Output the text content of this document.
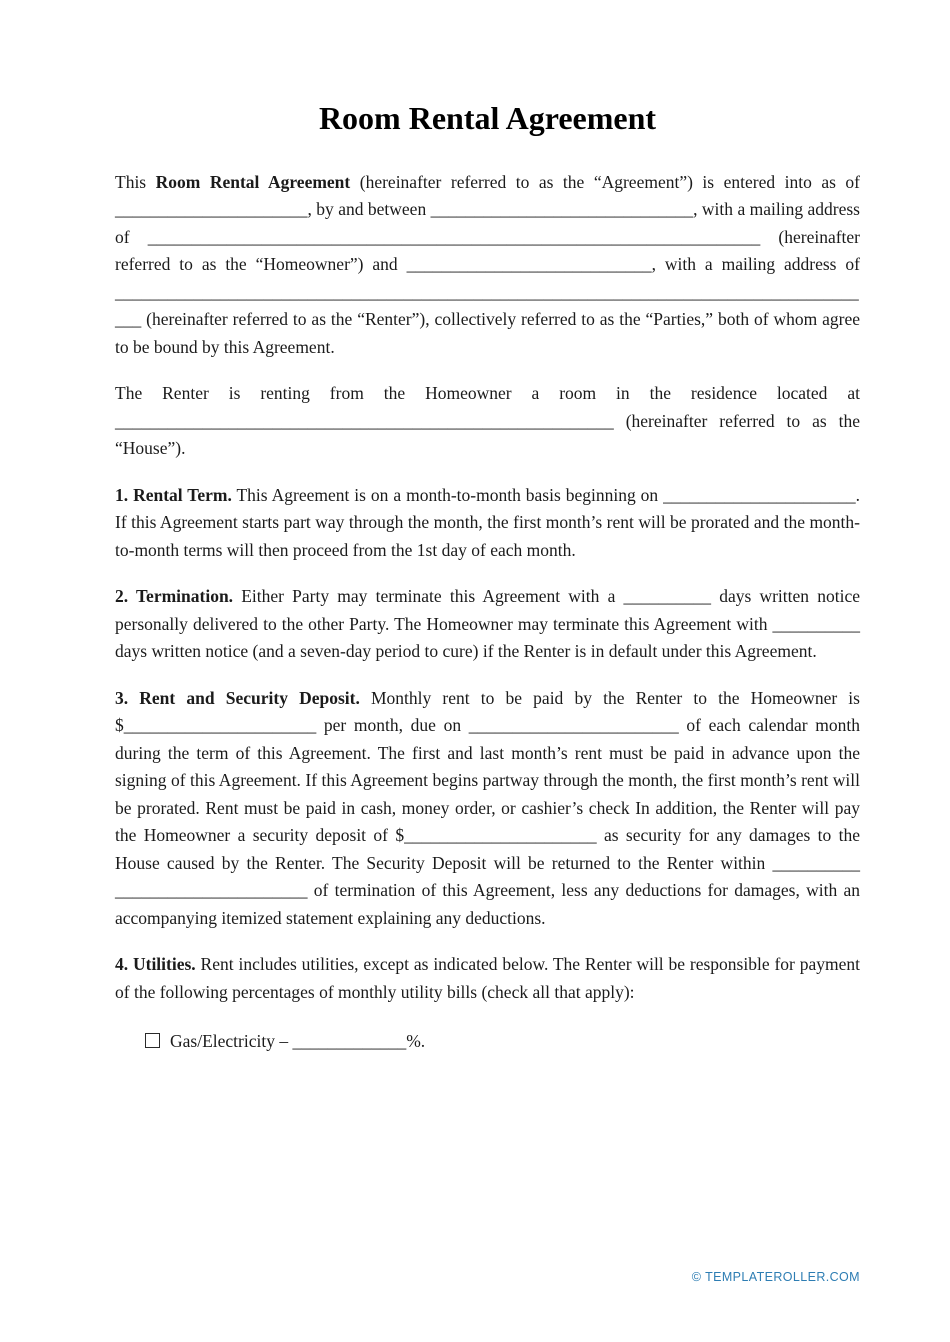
Room Rental Agreement

This Room Rental Agreement (hereinafter referred to as the “Agreement”) is entered into as of ______________________, by and between ______________________________, with a mailing address of ______________________________________________________________________ (hereinafter referred to as the “Homeowner”) and ____________________________, with a mailing address of ________________________________________________________________________________________ (hereinafter referred to as the “Renter”), collectively referred to as the “Parties,” both of whom agree to be bound by this Agreement.

The Renter is renting from the Homeowner a room in the residence located at _________________________________________________________ (hereinafter referred to as the “House”).

1. Rental Term. This Agreement is on a month-to-month basis beginning on ______________________. If this Agreement starts part way through the month, the first month’s rent will be prorated and the month-to-month terms will then proceed from the 1st day of each month.

2. Termination. Either Party may terminate this Agreement with a __________ days written notice personally delivered to the other Party. The Homeowner may terminate this Agreement with __________ days written notice (and a seven-day period to cure) if the Renter is in default under this Agreement.

3. Rent and Security Deposit. Monthly rent to be paid by the Renter to the Homeowner is $______________________ per month, due on ________________________ of each calendar month during the term of this Agreement. The first and last month’s rent must be paid in advance upon the signing of this Agreement. If this Agreement begins partway through the month, the first month’s rent will be prorated. Rent must be paid in cash, money order, or cashier’s check In addition, the Renter will pay the Homeowner a security deposit of $______________________ as security for any damages to the House caused by the Renter. The Security Deposit will be returned to the Renter within __________ ______________________ of termination of this Agreement, less any deductions for damages, with an accompanying itemized statement explaining any deductions.

4. Utilities. Rent includes utilities, except as indicated below. The Renter will be responsible for payment of the following percentages of monthly utility bills (check all that apply):

Gas/Electricity – _____________%.
© TEMPLATEROLLER.COM
